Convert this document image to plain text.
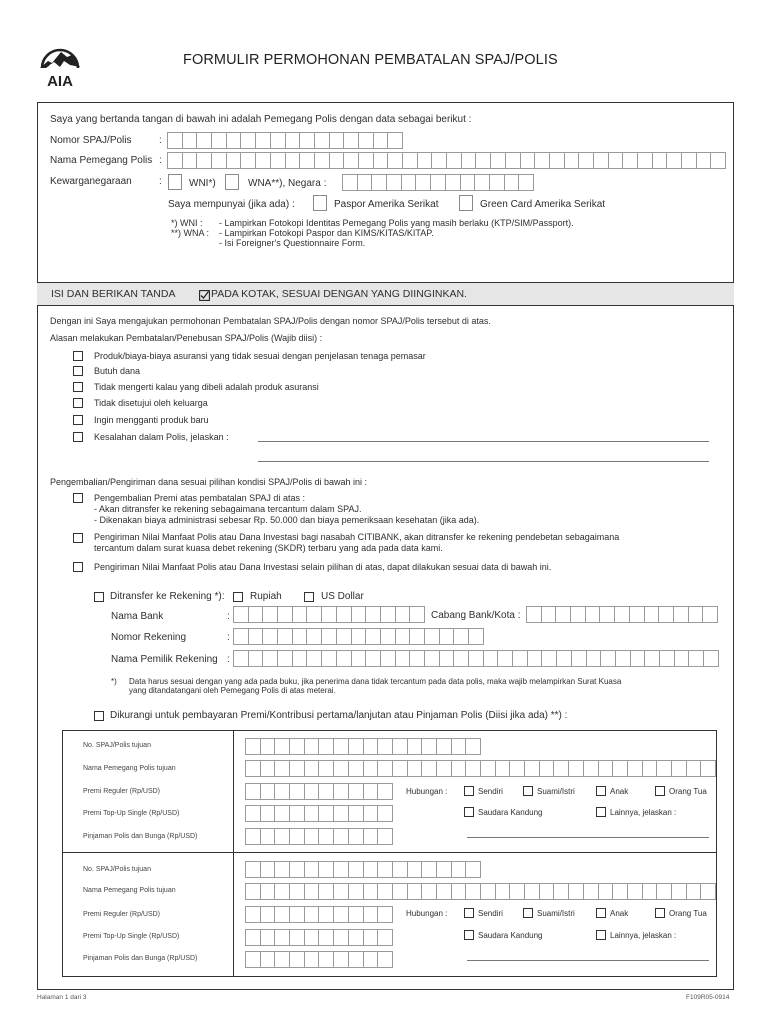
AIA
FORMULIR PERMOHONAN PEMBATALAN SPAJ/POLIS
Saya yang bertanda tangan di bawah ini adalah Pemegang Polis dengan data sebagai berikut :
Nomor SPAJ/Polis	:
Nama Pemegang Polis :
Kewarganegaraan	:	WNI*)	WNA**), Negara :
Saya mempunyai (jika ada) :	Paspor Amerika Serikat	Green Card Amerika Serikat
*) WNI : - Lampirkan Fotokopi Identitas Pemegang Polis yang masih berlaku (KTP/SIM/Passport).
**) WNA : - Lampirkan Fotokopi Paspor dan KIMS/KITAS/KITAP.
- Isi Foreigner's Questionnaire Form.
ISI DAN BERIKAN TANDA	PADA KOTAK, SESUAI DENGAN YANG DIINGINKAN.
Dengan ini Saya mengajukan permohonan Pembatalan SPAJ/Polis dengan nomor SPAJ/Polis tersebut di atas.
Alasan melakukan Pembatalan/Penebusan SPAJ/Polis (Wajib diisi) :
Produk/biaya-biaya asuransi yang tidak sesuai dengan penjelasan tenaga pemasar
Butuh dana
Tidak mengerti kalau yang dibeli adalah produk asuransi
Tidak disetujui oleh keluarga
Ingin mengganti produk baru
Kesalahan dalam Polis, jelaskan :
Pengembalian/Pengiriman dana sesuai pilihan kondisi SPAJ/Polis di bawah ini :
Pengembalian Premi atas pembatalan SPAJ di atas :
- Akan ditransfer ke rekening sebagaimana tercantum dalam SPAJ.
- Dikenakan biaya administrasi sebesar Rp. 50.000 dan biaya pemeriksaan kesehatan (jika ada).
Pengiriman Nilai Manfaat Polis atau Dana Investasi bagi nasabah CITIBANK, akan ditransfer ke rekening pendebetan sebagaimana
tercantum dalam surat kuasa debet rekening (SKDR) terbaru yang ada pada data kami.
Pengiriman Nilai Manfaat Polis atau Dana Investasi selain pilihan di atas, dapat dilakukan sesuai data di bawah ini.
Ditransfer ke Rekening *):	Rupiah	US Dollar
Nama Bank	:	Cabang Bank/Kota :
Nomor Rekening	:
Nama Pemilik Rekening :
*) Data harus sesuai dengan yang ada pada buku, jika penerima dana tidak tercantum pada data polis, maka wajib melampirkan Surat Kuasa
yang ditandatangani oleh Pemegang Polis di atas meterai.
Dikurangi untuk pembayaran Premi/Kontribusi pertama/lanjutan atau Pinjaman Polis (Diisi jika ada) **) :
No. SPAJ/Polis tujuan
Nama Pemegang Polis tujuan
Premi Reguler (Rp/USD)
Premi Top-Up Single (Rp/USD)
Pinjaman Polis dan Bunga (Rp/USD)
Hubungan :	Sendiri	Suami/Istri	Anak	Orang Tua
Saudara Kandung	Lainnya, jelaskan :
No. SPAJ/Polis tujuan
Nama Pemegang Polis tujuan
Premi Reguler (Rp/USD)
Premi Top-Up Single (Rp/USD)
Pinjaman Polis dan Bunga (Rp/USD)
Hubungan :	Sendiri	Suami/Istri	Anak	Orang Tua
Saudara Kandung	Lainnya, jelaskan :
Halaman 1 dari 3	F109R05-0914
